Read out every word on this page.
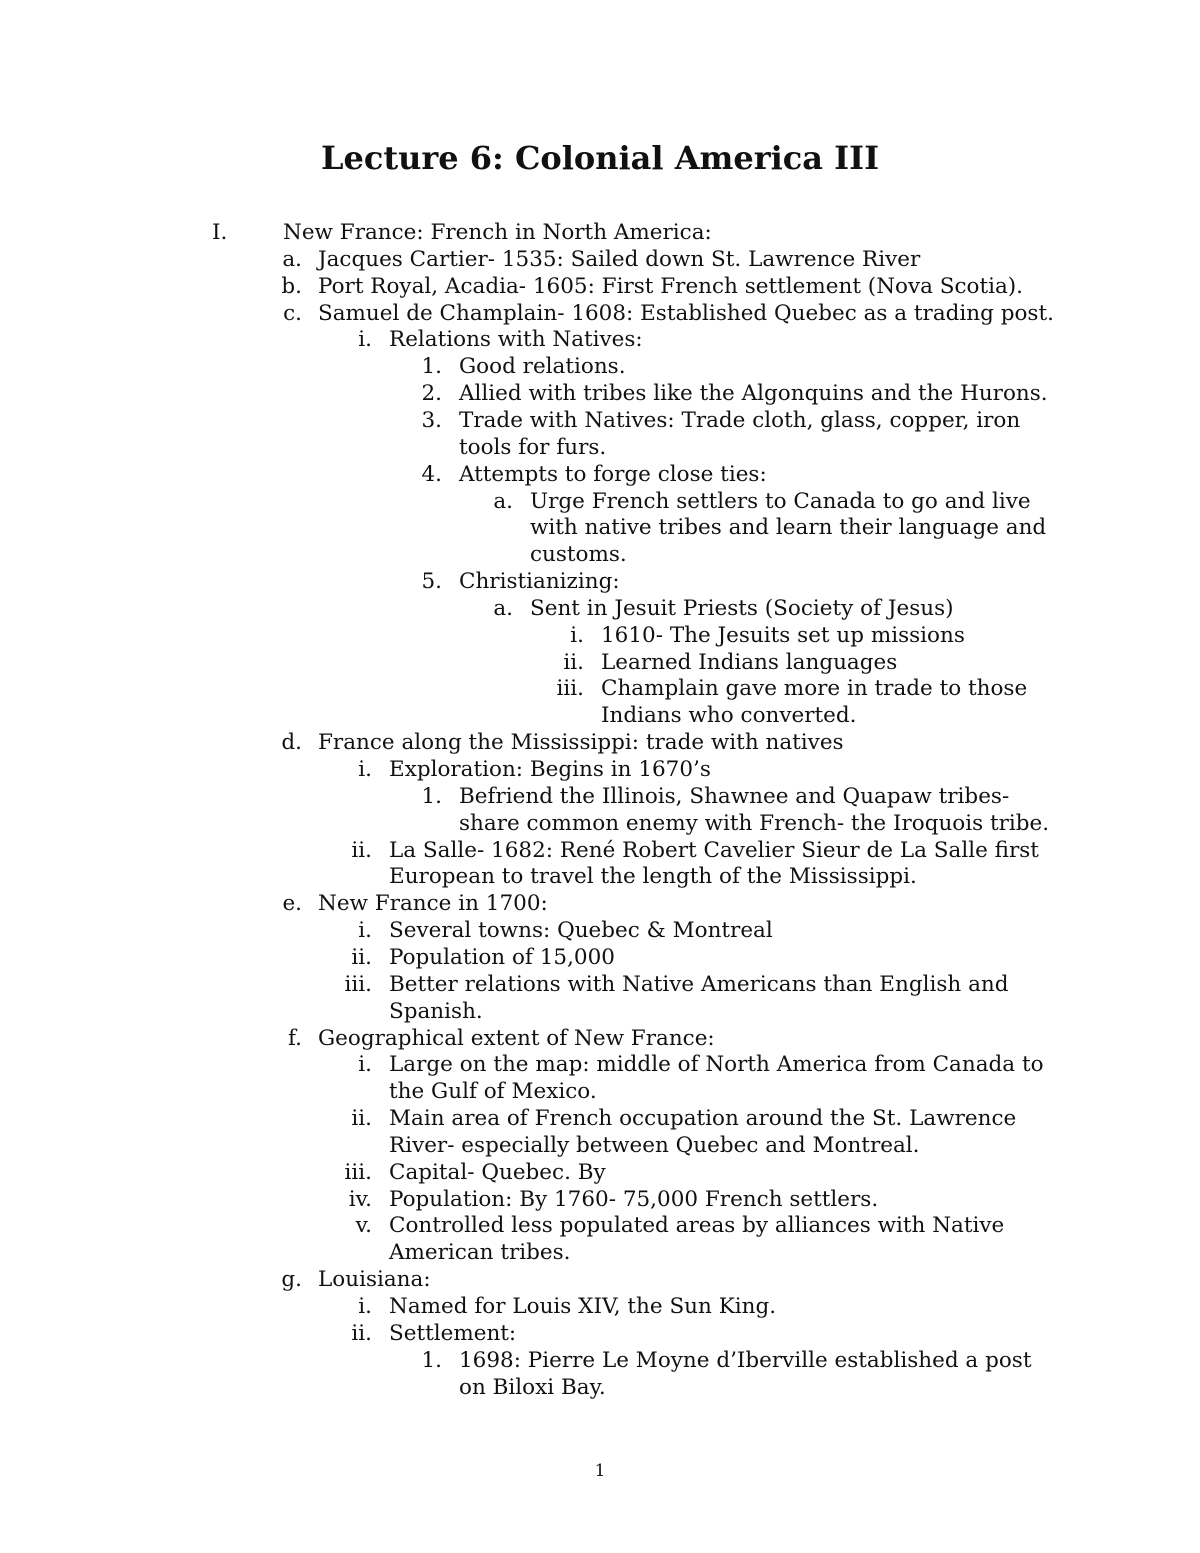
Lecture 6: Colonial America III
I.	New France: French in North America:
a. Jacques Cartier- 1535: Sailed down St. Lawrence River
b. Port Royal, Acadia- 1605: First French settlement (Nova Scotia).
c. Samuel de Champlain- 1608: Established Quebec as a trading post.
i. Relations with Natives:
1. Good relations.
2. Allied with tribes like the Algonquins and the Hurons.
3. Trade with Natives: Trade cloth, glass, copper, iron
tools for furs.
4. Attempts to forge close ties:
a. Urge French settlers to Canada to go and live
with native tribes and learn their language and
customs.
5. Christianizing:
a. Sent in Jesuit Priests (Society of Jesus)
i. 1610- The Jesuits set up missions
ii. Learned Indians languages
iii. Champlain gave more in trade to those
Indians who converted.
d. France along the Mississippi: trade with natives
i. Exploration: Begins in 1670’s
1. Befriend the Illinois, Shawnee and Quapaw tribes-
share common enemy with French- the Iroquois tribe.
ii. La Salle- 1682: René Robert Cavelier Sieur de La Salle first
European to travel the length of the Mississippi.
e. New France in 1700:
i. Several towns: Quebec & Montreal
ii. Population of 15,000
iii. Better relations with Native Americans than English and
Spanish.
f. Geographical extent of New France:
i. Large on the map: middle of North America from Canada to
the Gulf of Mexico.
ii. Main area of French occupation around the St. Lawrence
River- especially between Quebec and Montreal.
iii. Capital- Quebec. By
iv. Population: By 1760- 75,000 French settlers.
v. Controlled less populated areas by alliances with Native
American tribes.
g. Louisiana:
i. Named for Louis XIV, the Sun King.
ii. Settlement:
1. 1698: Pierre Le Moyne d’Iberville established a post
on Biloxi Bay.
1
